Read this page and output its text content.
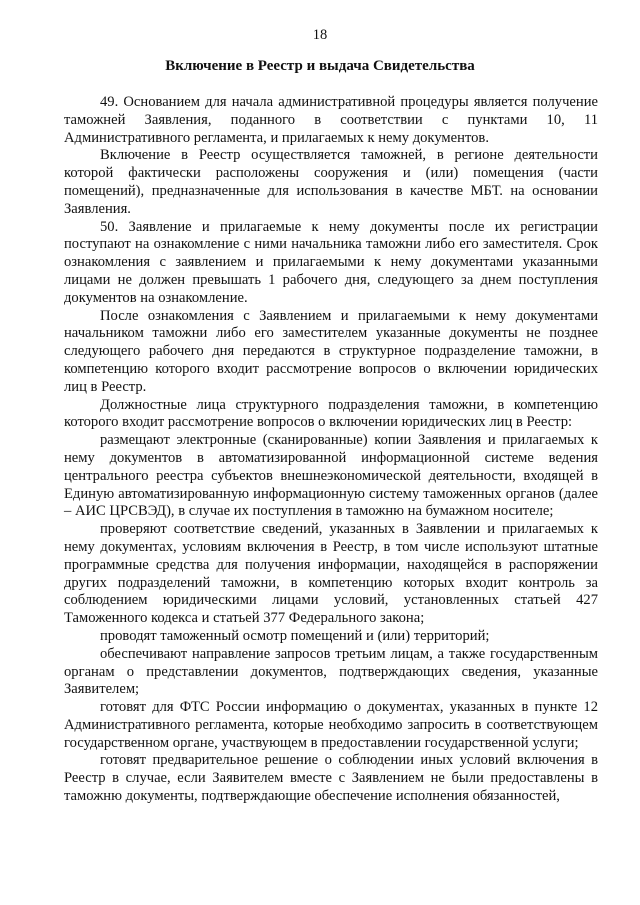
18
Включение в Реестр и выдача Свидетельства

49. Основанием для начала административной процедуры является получение таможней Заявления, поданного в соответствии с пунктами 10, 11 Административного регламента, и прилагаемых к нему документов.

Включение в Реестр осуществляется таможней, в регионе деятельности которой фактически расположены сооружения и (или) помещения (части помещений), предназначенные для использования в качестве МБТ. на основании Заявления.

50. Заявление и прилагаемые к нему документы после их регистрации поступают на ознакомление с ними начальника таможни либо его заместителя. Срок ознакомления с заявлением и прилагаемыми к нему документами указанными лицами не должен превышать 1 рабочего дня, следующего за днем поступления документов на ознакомление.

После ознакомления с Заявлением и прилагаемыми к нему документами начальником таможни либо его заместителем указанные документы не позднее следующего рабочего дня передаются в структурное подразделение таможни, в компетенцию которого входит рассмотрение вопросов о включении юридических лиц в Реестр.

Должностные лица структурного подразделения таможни, в компетенцию которого входит рассмотрение вопросов о включении юридических лиц в Реестр:

размещают электронные (сканированные) копии Заявления и прилагаемых к нему документов в автоматизированной информационной системе ведения центрального реестра субъектов внешнеэкономической деятельности, входящей в Единую автоматизированную информационную систему таможенных органов (далее – АИС ЦРСВЭД), в случае их поступления в таможню на бумажном носителе;

проверяют соответствие сведений, указанных в Заявлении и прилагаемых к нему документах, условиям включения в Реестр, в том числе используют штатные программные средства для получения информации, находящейся в распоряжении других подразделений таможни, в компетенцию которых входит контроль за соблюдением юридическими лицами условий, установленных статьей 427 Таможенного кодекса и статьей 377 Федерального закона;

проводят таможенный осмотр помещений и (или) территорий;

обеспечивают направление запросов третьим лицам, а также государственным органам о представлении документов, подтверждающих сведения, указанные Заявителем;

готовят для ФТС России информацию о документах, указанных в пункте 12 Административного регламента, которые необходимо запросить в соответствующем государственном органе, участвующем в предоставлении государственной услуги;

готовят предварительное решение о соблюдении иных условий включения в Реестр в случае, если Заявителем вместе с Заявлением не были предоставлены в таможню документы, подтверждающие обеспечение исполнения обязанностей,
